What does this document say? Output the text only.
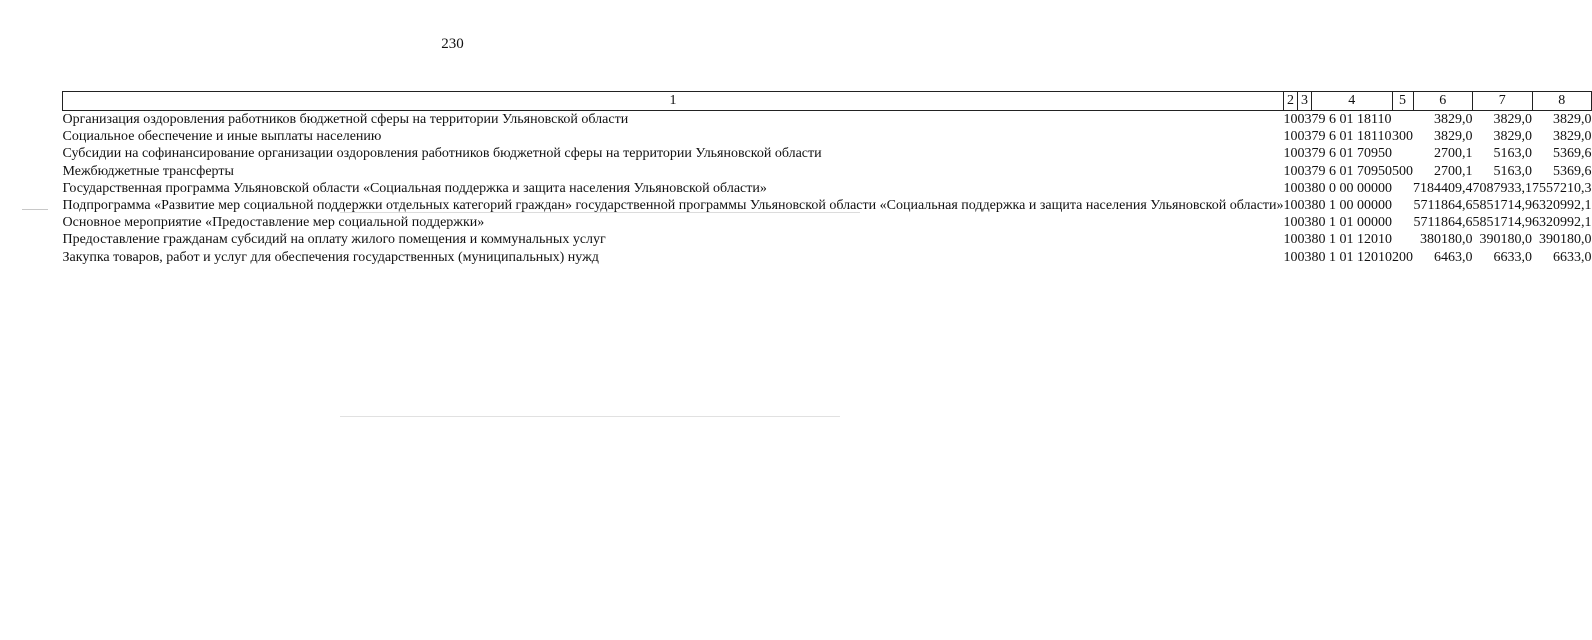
230
1	2	3	4	5	6	7	8
Организация оздоровления работников бюджетной сферы на территории Ульяновской области	10	03	79 6 01 18110		3829,0	3829,0	3829,0
Социальное обеспечение и иные выплаты населению	10	03	79 6 01 18110	300	3829,0	3829,0	3829,0
Субсидии на софинансирование организации оздоровления работников бюджетной сферы на территории Ульяновской области	10	03	79 6 01 70950		2700,1	5163,0	5369,6
Межбюджетные трансферты	10	03	79 6 01 70950	500	2700,1	5163,0	5369,6
Государственная программа Ульяновской области «Социальная поддержка и защита населения Ульяновской области»	10	03	80 0 00 00000		7184409,4	7087933,1	7557210,3
Подпрограмма «Развитие мер социальной поддержки отдельных категорий граждан» государственной программы Ульяновской области «Социальная поддержка и защита населения Ульяновской области»	10	03	80 1 00 00000		5711864,6	5851714,9	6320992,1
Основное мероприятие «Предоставление мер социальной поддержки»	10	03	80 1 01 00000		5711864,6	5851714,9	6320992,1
Предоставление гражданам субсидий на оплату жилого помещения и коммунальных услуг	10	03	80 1 01 12010		380180,0	390180,0	390180,0
Закупка товаров, работ и услуг для обеспечения государственных (муниципальных) нужд	10	03	80 1 01 12010	200	6463,0	6633,0	6633,0
